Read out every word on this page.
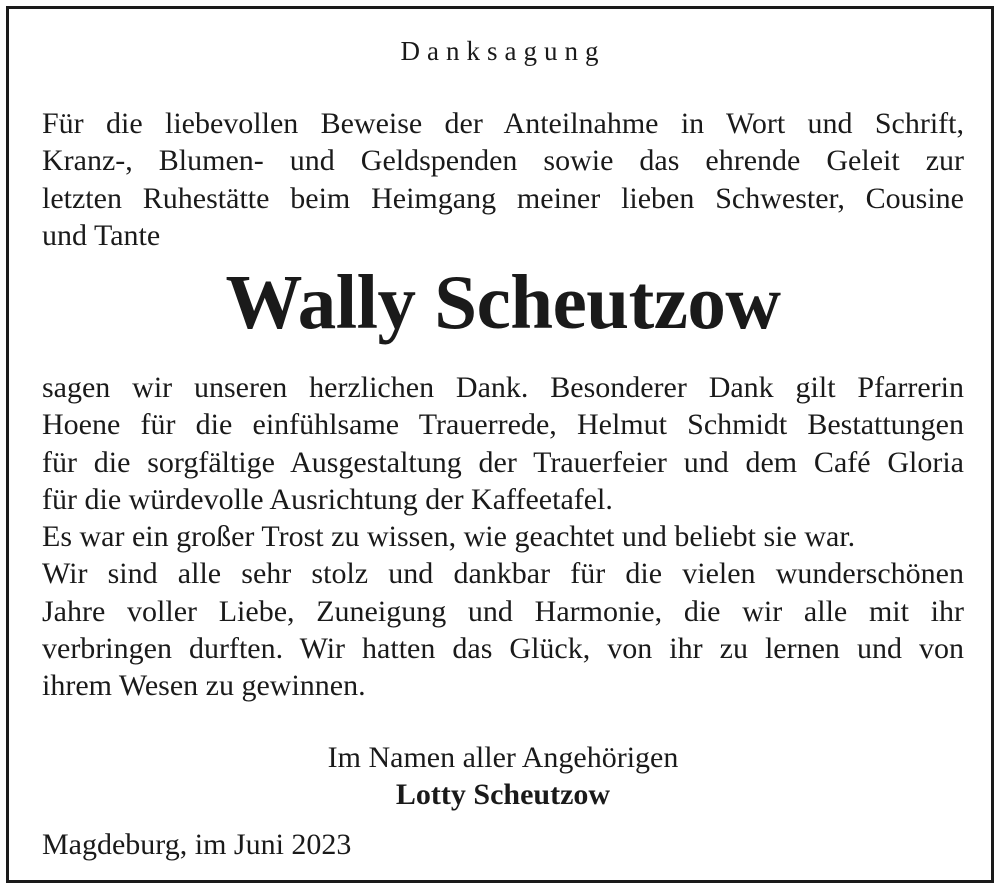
Danksagung

Für die liebevollen Beweise der Anteilnahme in Wort und Schrift,
Kranz-, Blumen- und Geldspenden sowie das ehrende Geleit zur
letzten Ruhestätte beim Heimgang meiner lieben Schwester, Cousine
und Tante

Wally Scheutzow

sagen wir unseren herzlichen Dank. Besonderer Dank gilt Pfarrerin
Hoene für die einfühlsame Trauerrede, Helmut Schmidt Bestattungen
für die sorgfältige Ausgestaltung der Trauerfeier und dem Café Gloria
für die würdevolle Ausrichtung der Kaffeetafel.
Es war ein großer Trost zu wissen, wie geachtet und beliebt sie war.
Wir sind alle sehr stolz und dankbar für die vielen wunderschönen
Jahre voller Liebe, Zuneigung und Harmonie, die wir alle mit ihr
verbringen durften. Wir hatten das Glück, von ihr zu lernen und von
ihrem Wesen zu gewinnen.

Im Namen aller Angehörigen
Lotty Scheutzow

Magdeburg, im Juni 2023
